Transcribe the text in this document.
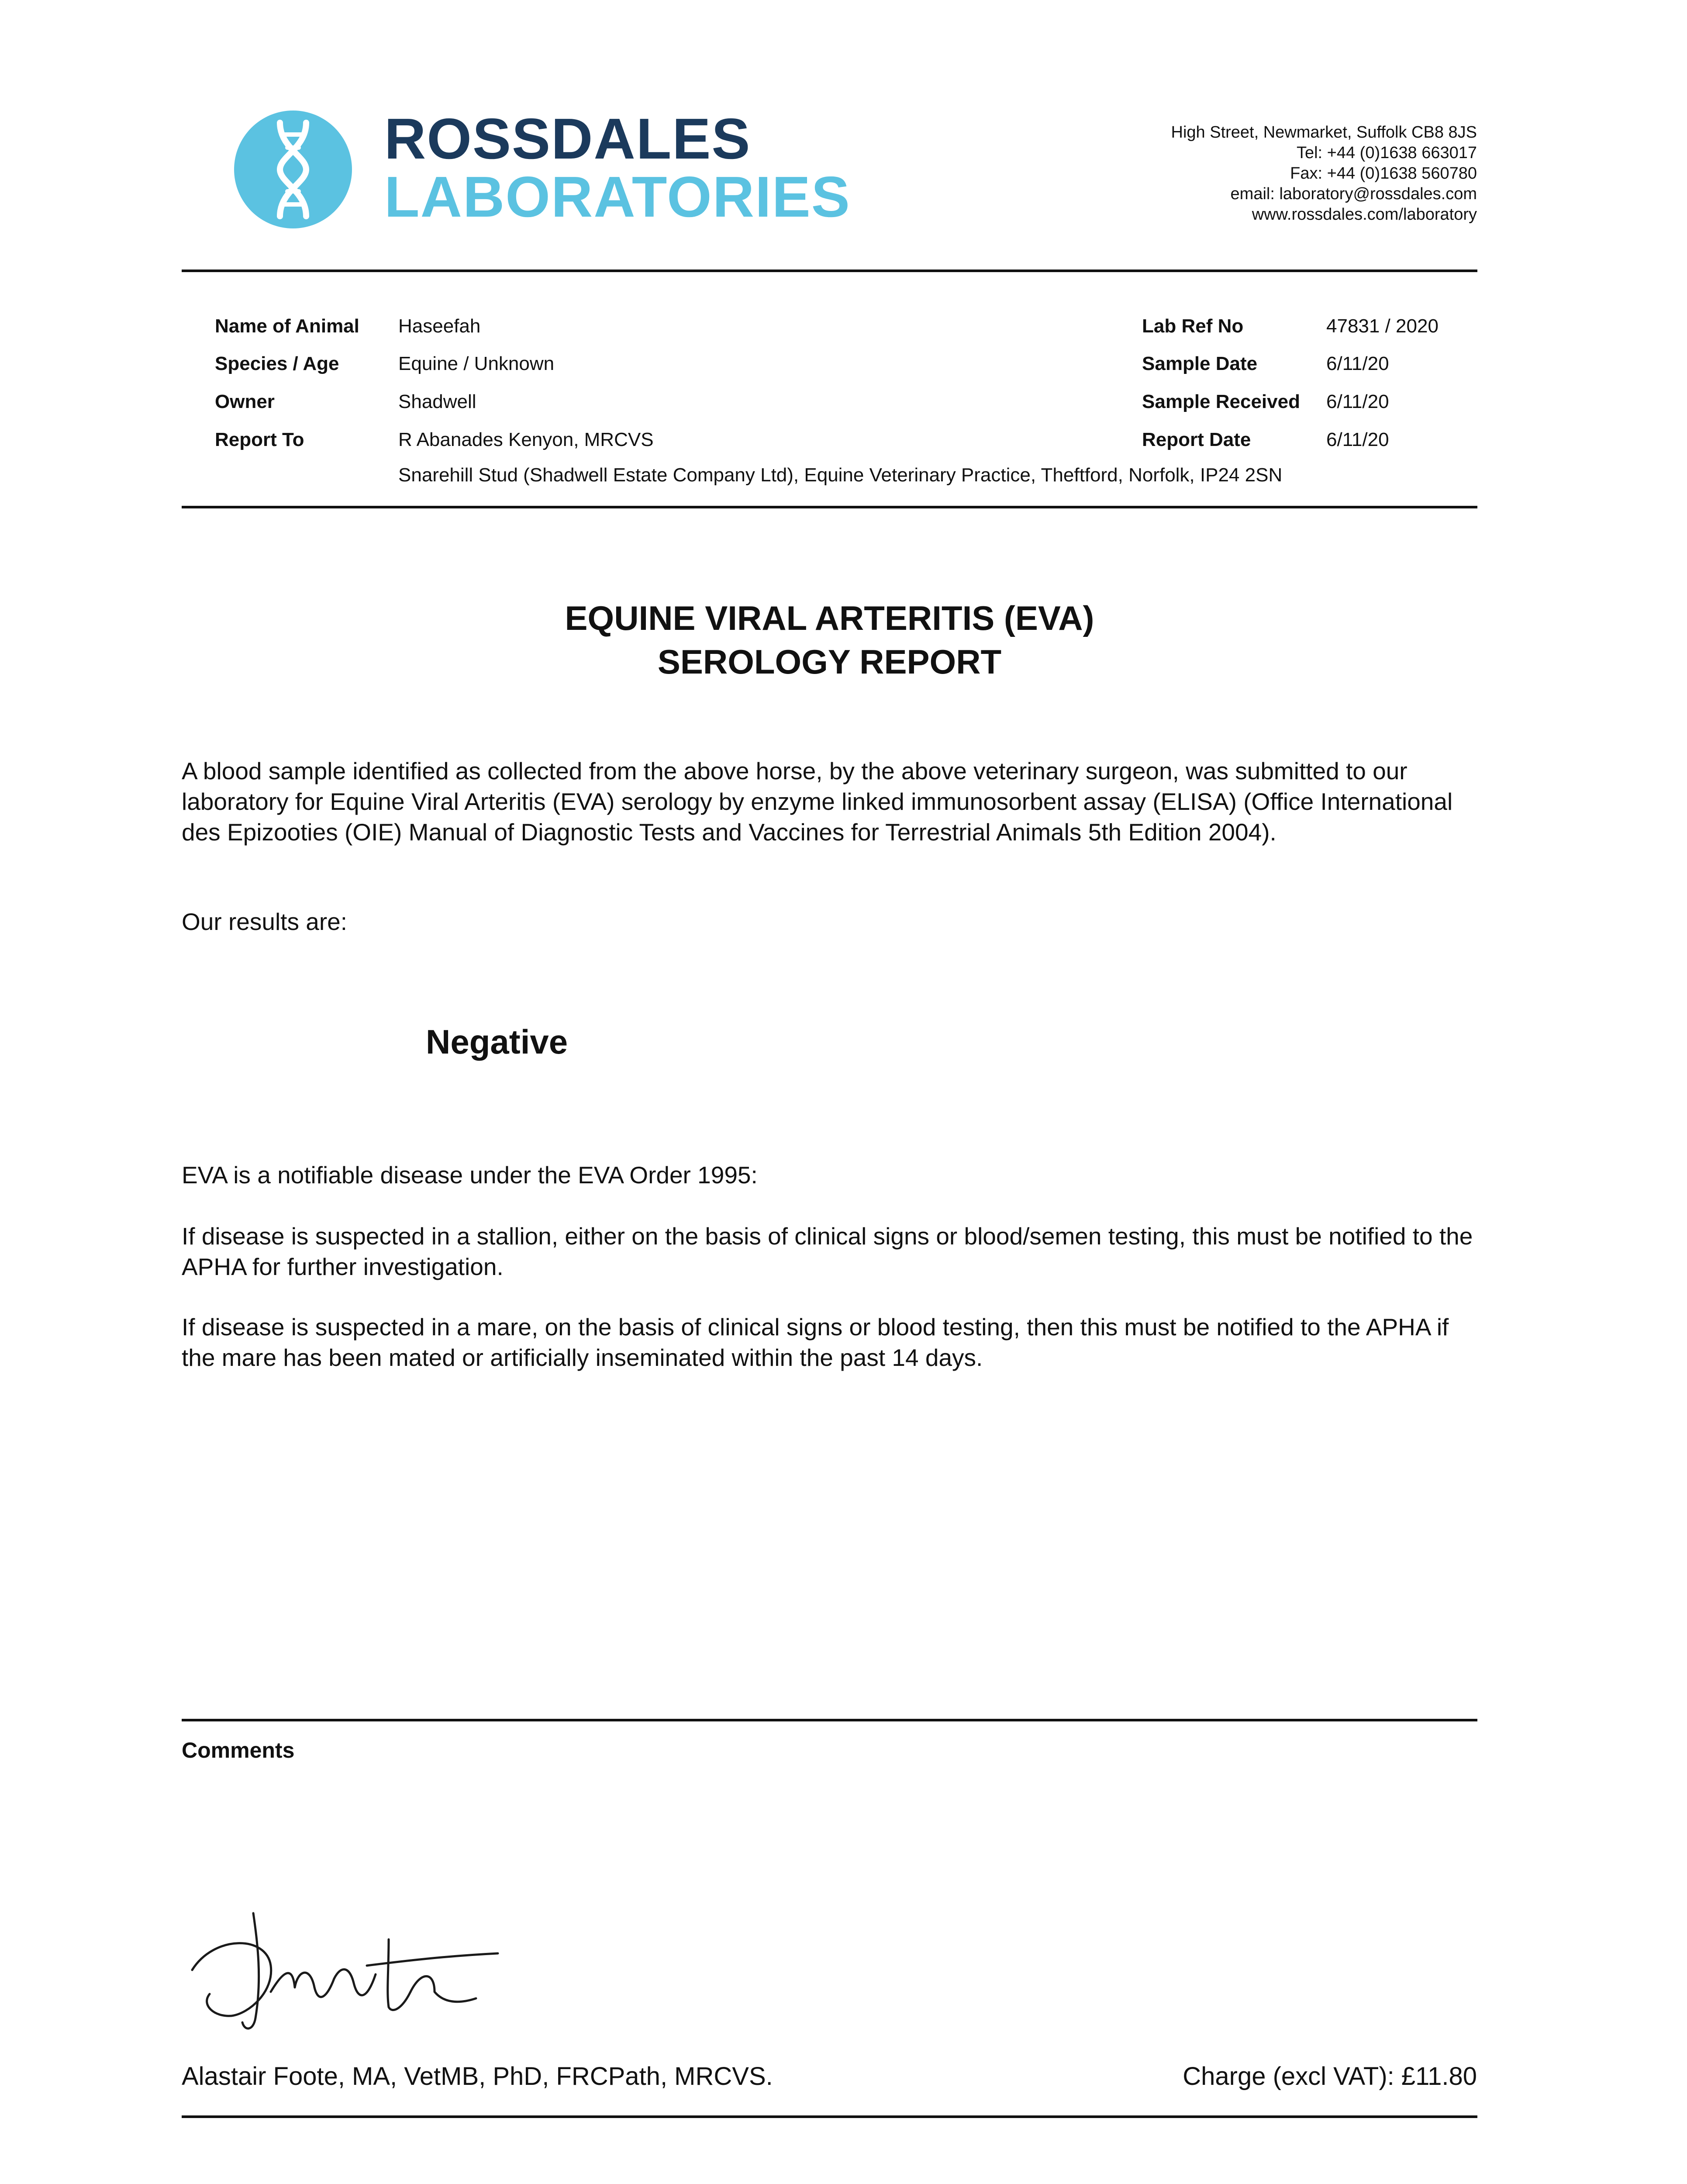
ROSSDALES
LABORATORIES
High Street, Newmarket, Suffolk CB8 8JS
Tel: +44 (0)1638 663017
Fax: +44 (0)1638 560780
email: laboratory@rossdales.com
www.rossdales.com/laboratory
Name of Animal Haseefah
Species / Age	Equine / Unknown
Owner	Shadwell
Report To	R Abanades Kenyon, MRCVS
Snarehill Stud (Shadwell Estate Company Ltd), Equine Veterinary Practice, Theftford, Norfolk, IP24 2SN
Lab Ref No	47831 / 2020
Sample Date	6/11/20
Sample Received 6/11/20
Report Date	6/11/20
EQUINE VIRAL ARTERITIS (EVA)
SEROLOGY REPORT
A blood sample identified as collected from the above horse, by the above veterinary surgeon, was submitted to our laboratory for Equine Viral Arteritis (EVA) serology by enzyme linked immunosorbent assay (ELISA) (Office International des Epizooties (OIE) Manual of Diagnostic Tests and Vaccines for Terrestrial Animals 5th Edition 2004).
Our results are:
Negative
EVA is a notifiable disease under the EVA Order 1995:
If disease is suspected in a stallion, either on the basis of clinical signs or blood/semen testing, this must be notified to the APHA for further investigation.
If disease is suspected in a mare, on the basis of clinical signs or blood testing, then this must be notified to the APHA if the mare has been mated or artificially inseminated within the past 14 days.
Comments
Alastair Foote, MA, VetMB, PhD, FRCPath, MRCVS.	Charge (excl VAT): £11.80
